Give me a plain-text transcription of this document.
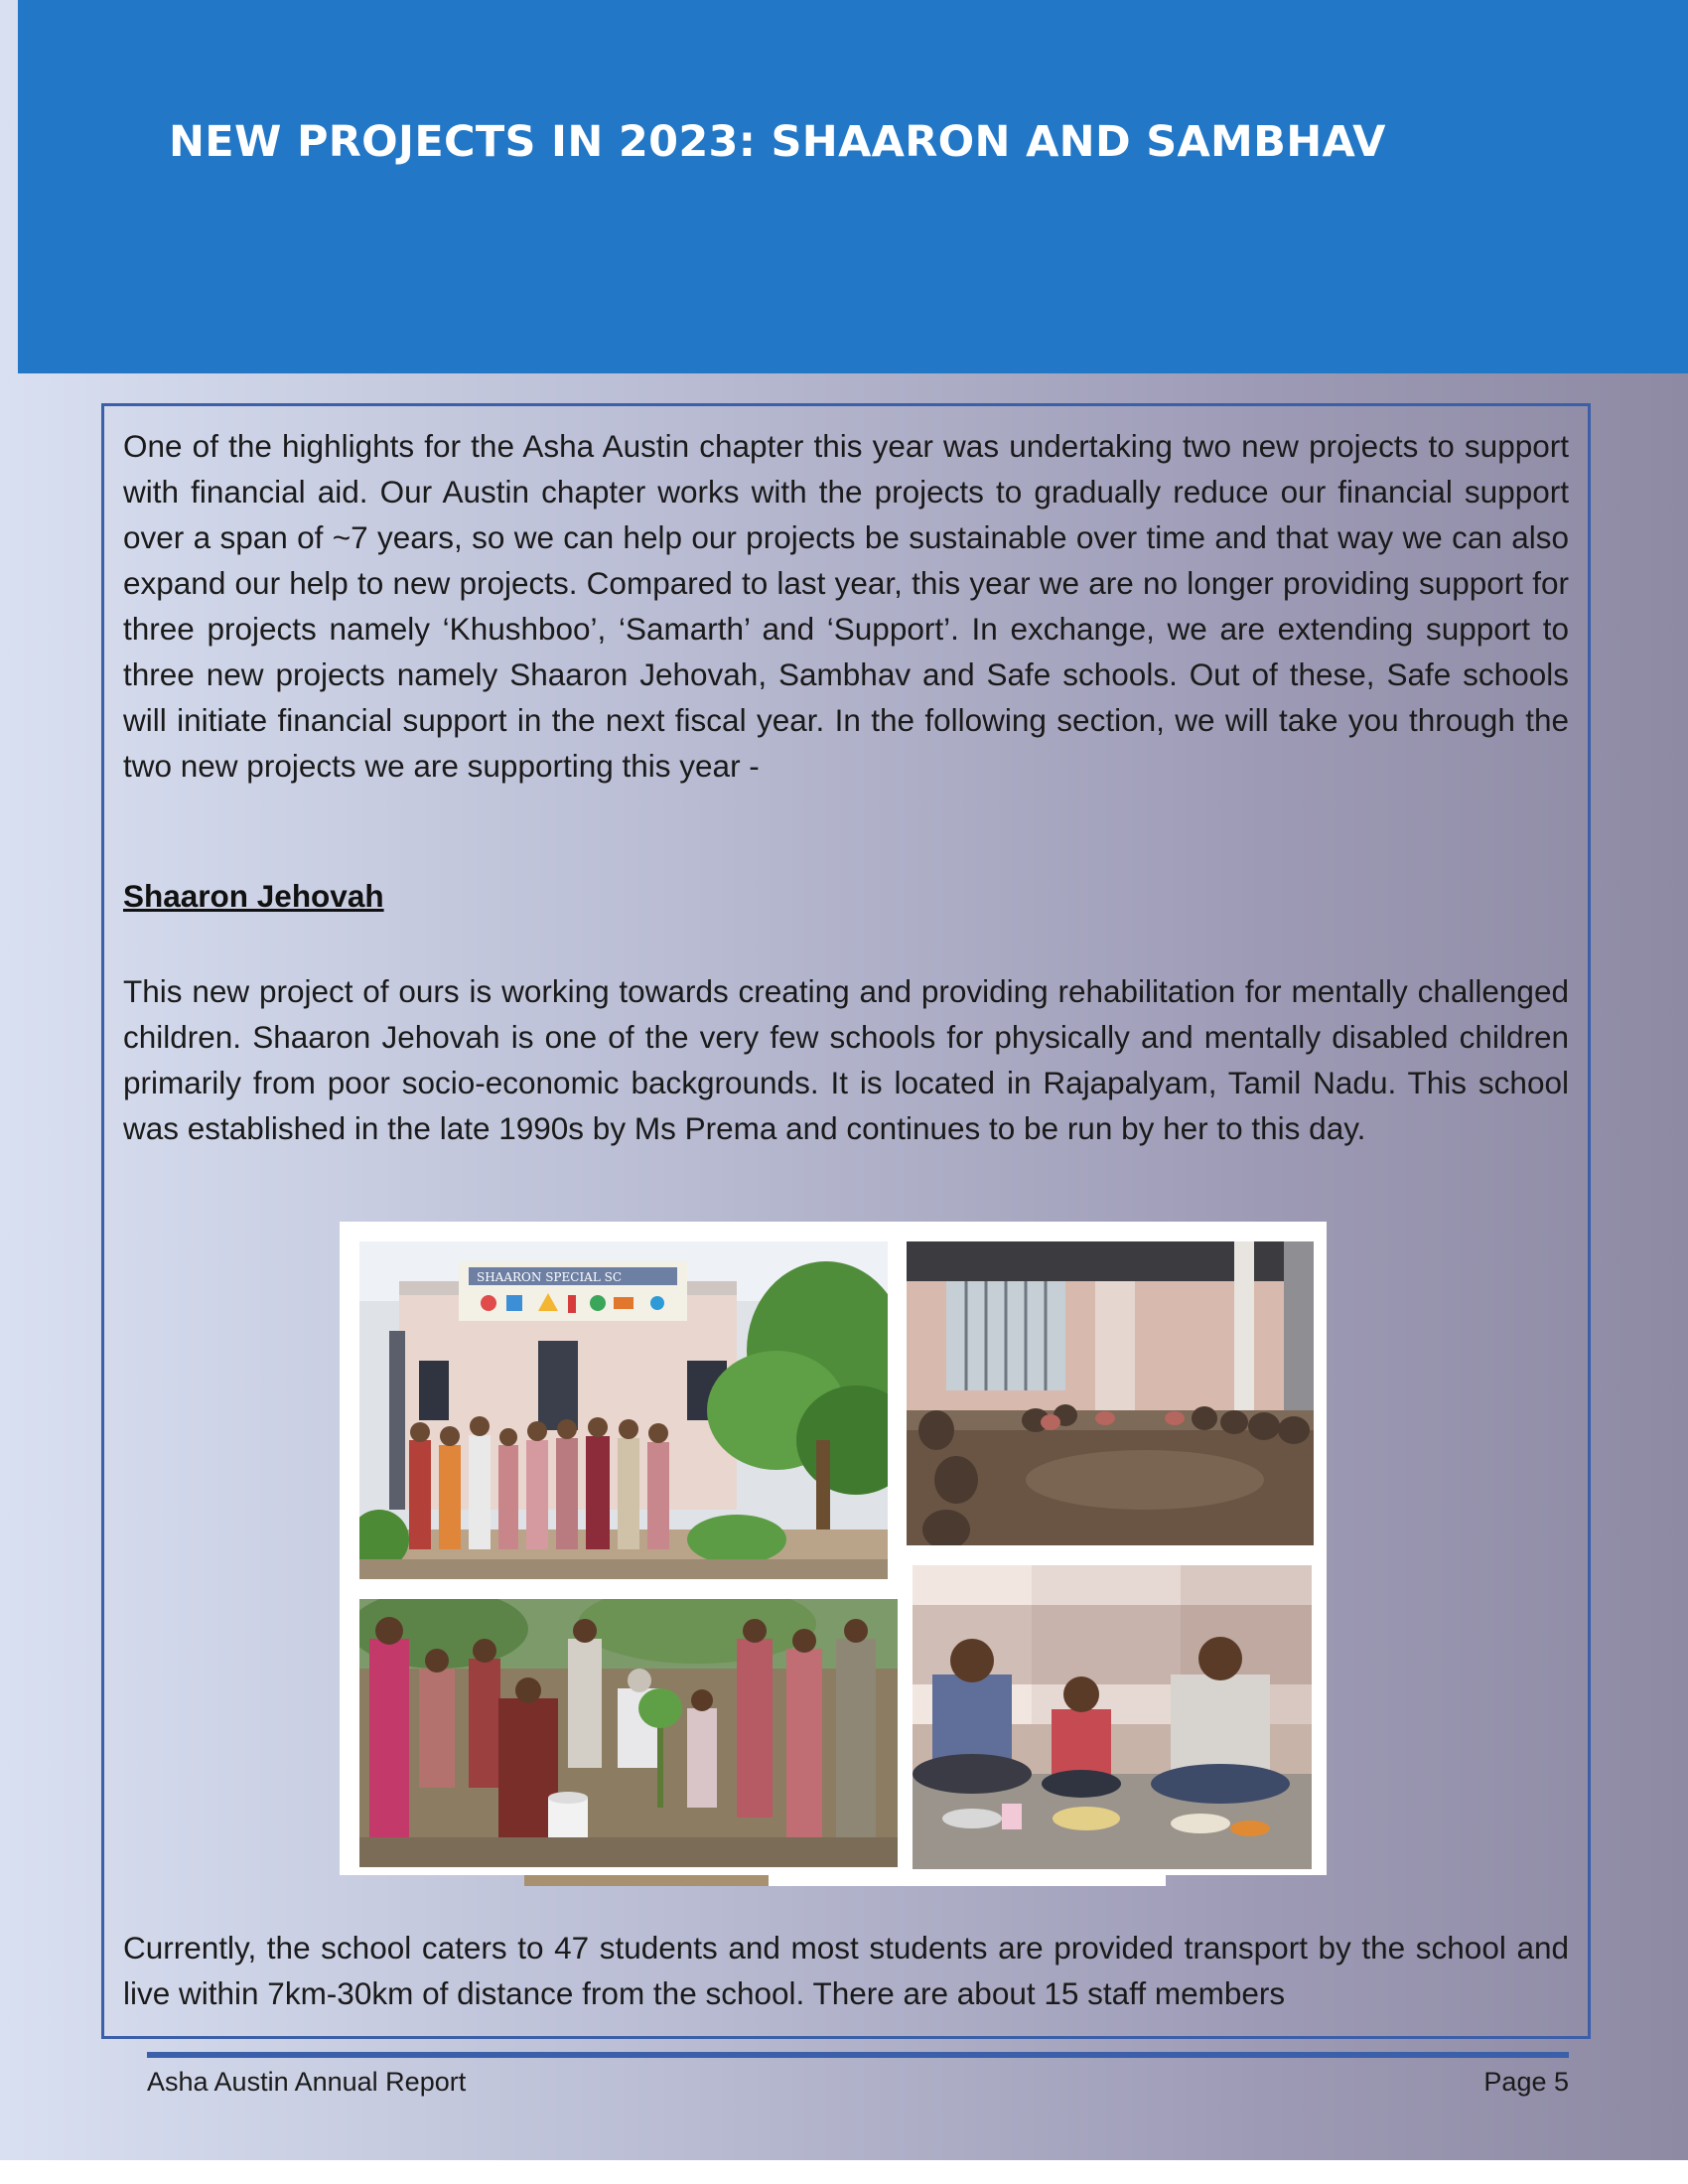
NEW PROJECTS IN 2023: SHAARON AND SAMBHAV

One of the highlights for the Asha Austin chapter this year was undertaking two new projects to support with financial aid. Our Austin chapter works with the projects to gradually reduce our financial support over a span of ~7 years, so we can help our projects be sustainable over time and that way we can also expand our help to new projects. Compared to last year, this year we are no longer providing support for three projects namely ‘Khushboo’, ‘Samarth’ and ‘Support’. In exchange, we are extending support to three new projects namely Shaaron Jehovah, Sambhav and Safe schools. Out of these, Safe schools will initiate financial support in the next fiscal year. In the following section, we will take you through the two new projects we are supporting this year -

Shaaron Jehovah

This new project of ours is working towards creating and providing rehabilitation for mentally challenged children. Shaaron Jehovah is one of the very few schools for physically and mentally disabled children primarily from poor socio-economic backgrounds. It is located in Rajapalyam, Tamil Nadu. This school was established in the late 1990s by Ms Prema and continues to be run by her to this day.

SHAARON SPECIAL SC

Currently, the school caters to 47 students and most students are provided transport by the school and live within 7km-30km of distance from the school. There are about 15 staff members

Asha Austin Annual Report	Page 5
